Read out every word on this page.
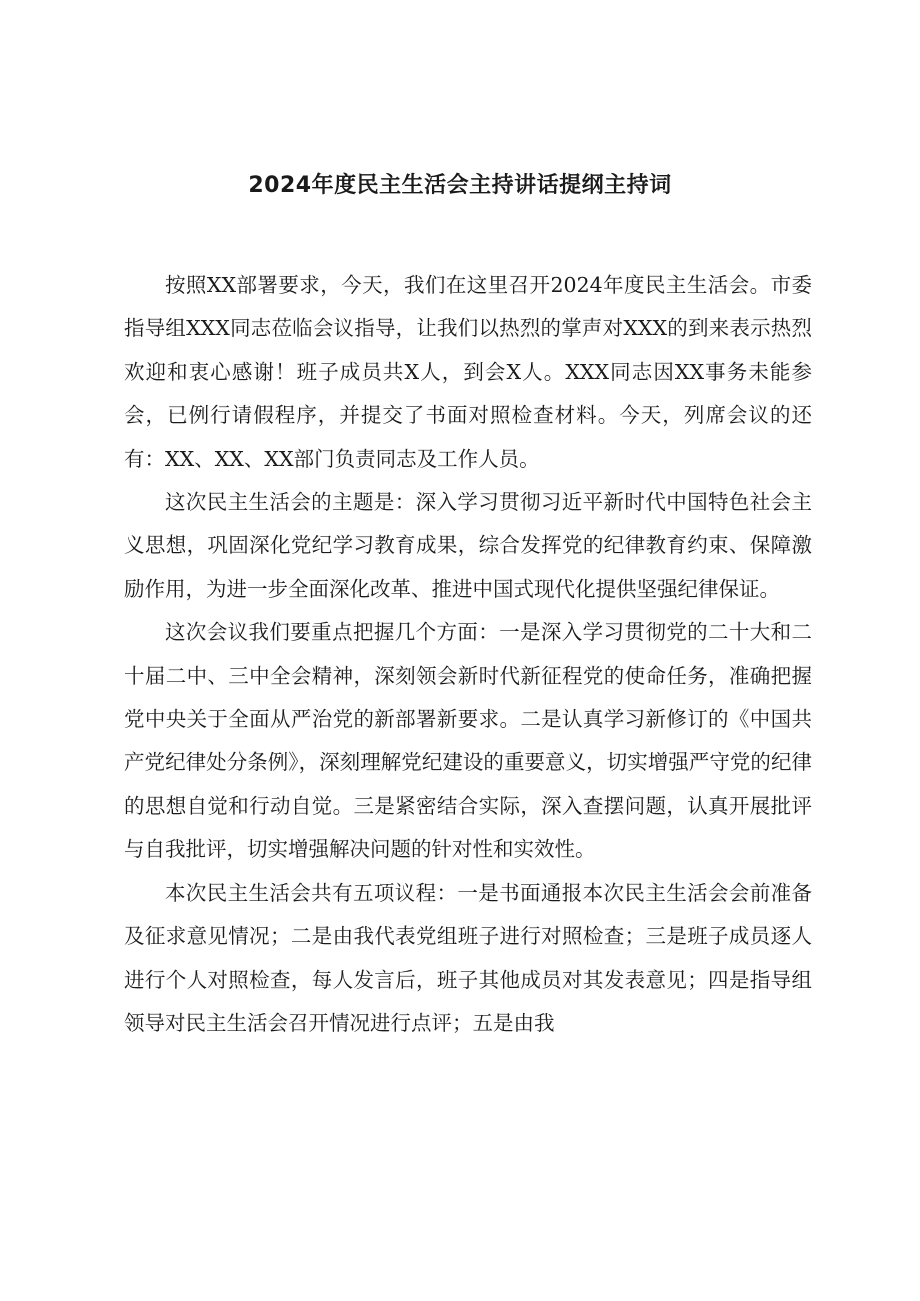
2024年度民主生活会主持讲话提纲主持词

按照XX部署要求，今天，我们在这里召开2024年度民主生活会。市委指导组XXX同志莅临会议指导，让我们以热烈的掌声对XXX的到来表示热烈欢迎和衷心感谢！班子成员共X人，到会X人。XXX同志因XX事务未能参会，已例行请假程序，并提交了书面对照检查材料。今天，列席会议的还有：XX、XX、XX部门负责同志及工作人员。

这次民主生活会的主题是：深入学习贯彻习近平新时代中国特色社会主义思想，巩固深化党纪学习教育成果，综合发挥党的纪律教育约束、保障激励作用，为进一步全面深化改革、推进中国式现代化提供坚强纪律保证。

这次会议我们要重点把握几个方面：一是深入学习贯彻党的二十大和二十届二中、三中全会精神，深刻领会新时代新征程党的使命任务，准确把握党中央关于全面从严治党的新部署新要求。二是认真学习新修订的《中国共产党纪律处分条例》，深刻理解党纪建设的重要意义，切实增强严守党的纪律的思想自觉和行动自觉。三是紧密结合实际，深入查摆问题，认真开展批评与自我批评，切实增强解决问题的针对性和实效性。

本次民主生活会共有五项议程：一是书面通报本次民主生活会会前准备及征求意见情况；二是由我代表党组班子进行对照检查；三是班子成员逐人进行个人对照检查，每人发言后，班子其他成员对其发表意见；四是指导组领导对民主生活会召开情况进行点评；五是由我
